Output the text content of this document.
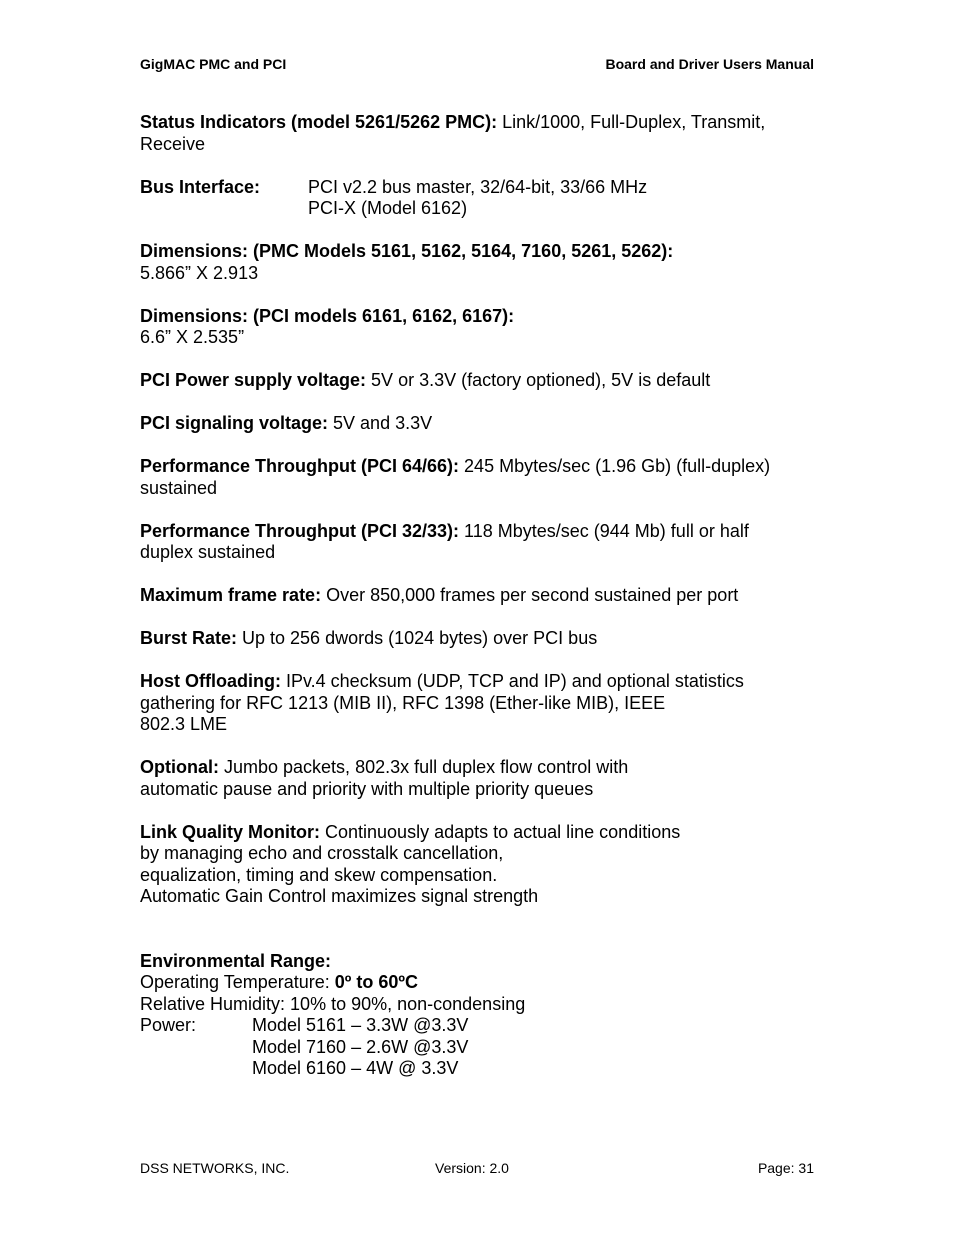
GigMAC PMC and PCI	Board and Driver Users Manual
Status Indicators (model 5261/5262 PMC): Link/1000, Full-Duplex, Transmit,
Receive
Bus Interface:	PCI v2.2 bus master, 32/64-bit, 33/66 MHz
PCI-X (Model 6162)
Dimensions: (PMC Models 5161, 5162, 5164, 7160, 5261, 5262):
5.866” X 2.913
Dimensions: (PCI models 6161, 6162, 6167):
6.6” X 2.535”
PCI Power supply voltage: 5V or 3.3V (factory optioned), 5V is default
PCI signaling voltage: 5V and 3.3V
Performance Throughput (PCI 64/66): 245 Mbytes/sec (1.96 Gb) (full-duplex)
sustained
Performance Throughput (PCI 32/33): 118 Mbytes/sec (944 Mb) full or half
duplex sustained
Maximum frame rate: Over 850,000 frames per second sustained per port
Burst Rate: Up to 256 dwords (1024 bytes) over PCI bus
Host Offloading: IPv.4 checksum (UDP, TCP and IP) and optional statistics
gathering for RFC 1213 (MIB II), RFC 1398 (Ether-like MIB), IEEE
802.3 LME
Optional: Jumbo packets, 802.3x full duplex flow control with
automatic pause and priority with multiple priority queues
Link Quality Monitor: Continuously adapts to actual line conditions
by managing echo and crosstalk cancellation,
equalization, timing and skew compensation.
Automatic Gain Control maximizes signal strength
Environmental Range:
Operating Temperature: 0º to 60ºC
Relative Humidity: 10% to 90%, non-condensing
Power:	Model 5161 – 3.3W @3.3V
Model 7160 – 2.6W @3.3V
Model 6160 – 4W @ 3.3V
DSS NETWORKS, INC.	Version: 2.0	Page: 31
